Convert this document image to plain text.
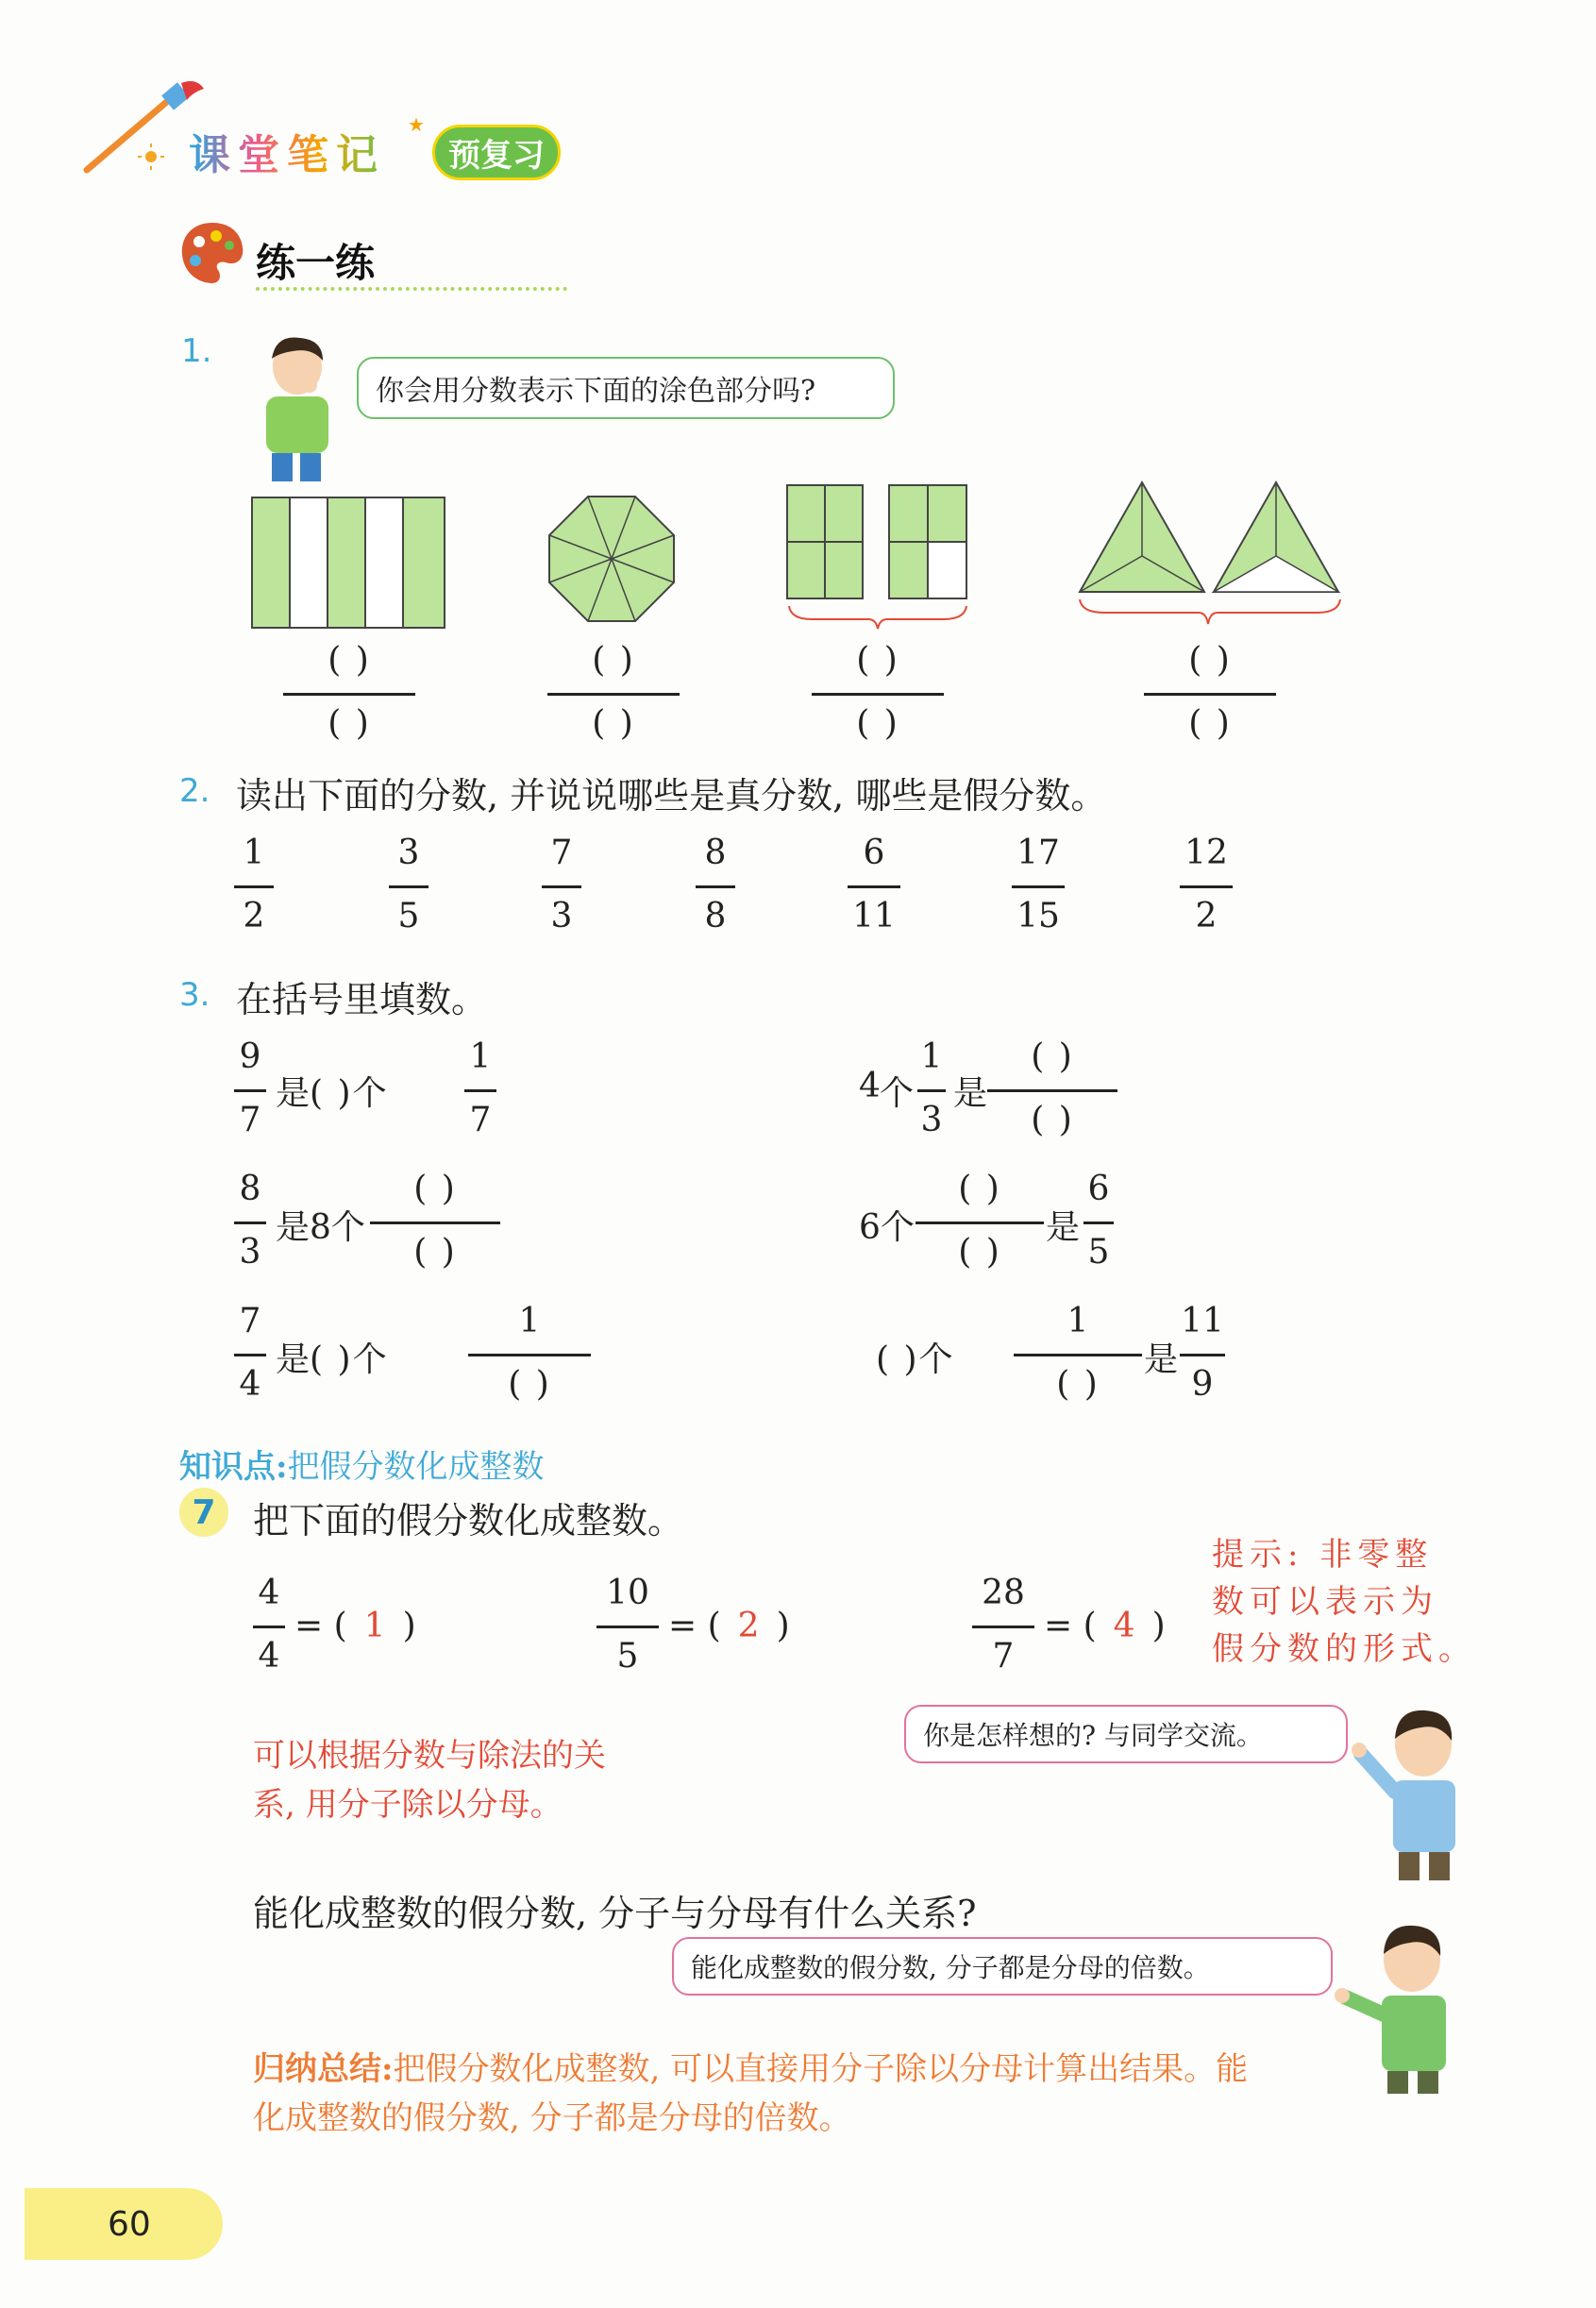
课堂笔记
★
预复习
练一练
1.
你会用分数表示下面的涂色部分吗?
( )
( )
( )
( )
( )
( )
( )
( )
2. 读出下面的分数, 并说说哪些是真分数, 哪些是假分数。
1
2
3
5
7
3
8
8
6
11
17
15
12
2
3. 在括号里填数。
9
7
是( )个
1
7
4 个
1
3
是
( )
( )
8
3
是8个
( )
( )
6个
( )
( )
是
6
5
7
4
是( )个
1
( )
( )个
1
( )
是
11
9
知识点:把假分数化成整数
7 把下面的假分数化成整数。
4
4
= ( 1 )
10
5
= ( 2 )
28
7
= ( 4 )
提示: 非零整
数可以表示为
假分数的形式。
可以根据分数与除法的关
系, 用分子除以分母。
你是怎样想的? 与同学交流。
能化成整数的假分数, 分子与分母有什么关系?
能化成整数的假分数, 分子都是分母的倍数。
归纳总结:把假分数化成整数, 可以直接用分子除以分母计算出结果。能
化成整数的假分数, 分子都是分母的倍数。
60
